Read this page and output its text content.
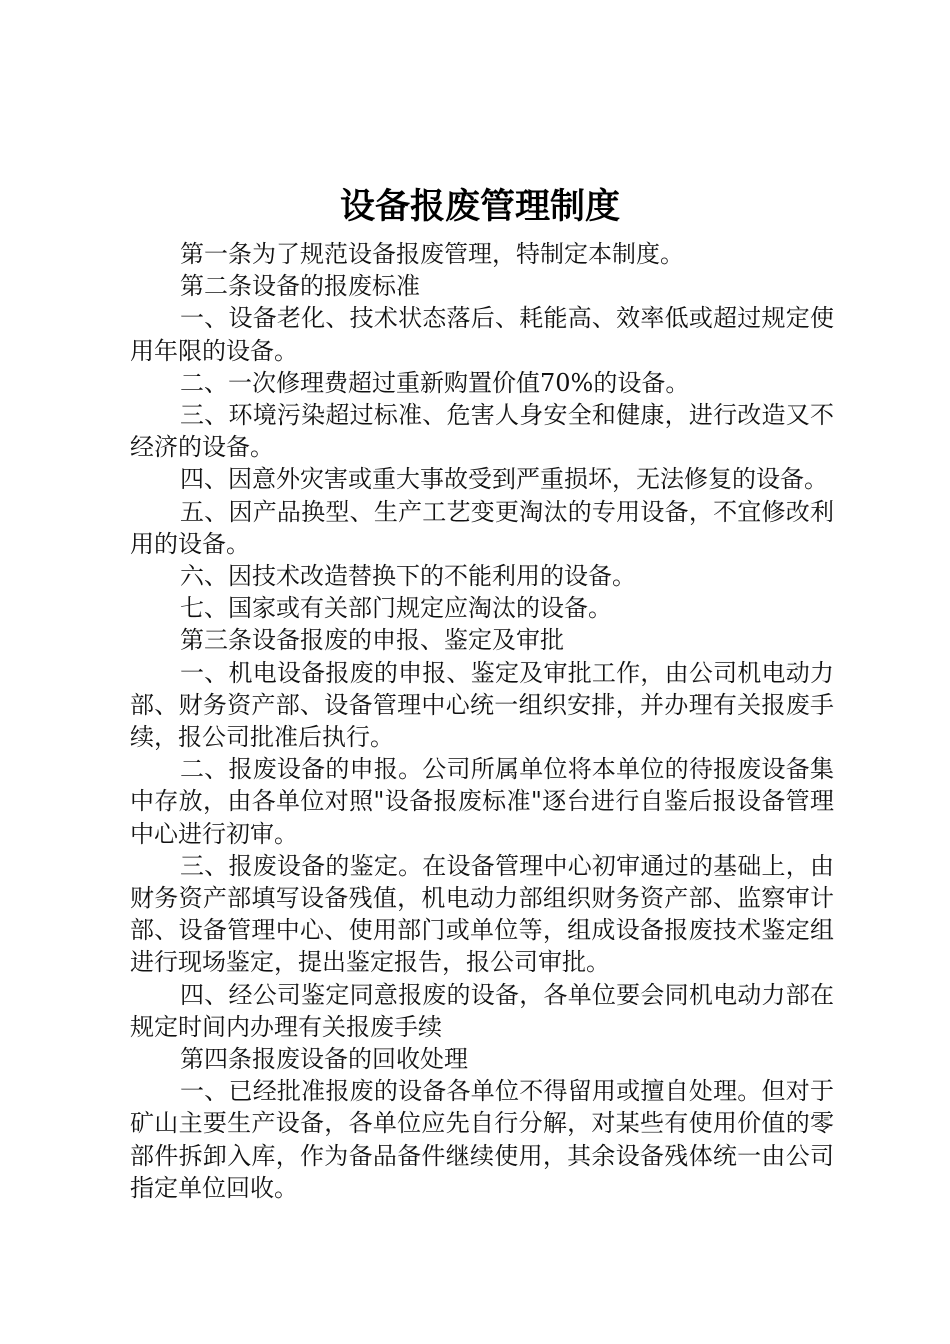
设备报废管理制度

第一条为了规范设备报废管理，特制定本制度。

第二条设备的报废标准

一、设备老化、技术状态落后、耗能高、效率低或超过规定使用年限的设备。

二、一次修理费超过重新购置价值70%的设备。

三、环境污染超过标准、危害人身安全和健康，进行改造又不经济的设备。

四、因意外灾害或重大事故受到严重损坏，无法修复的设备。

五、因产品换型、生产工艺变更淘汰的专用设备，不宜修改利用的设备。

六、因技术改造替换下的不能利用的设备。

七、国家或有关部门规定应淘汰的设备。

第三条设备报废的申报、鉴定及审批

一、机电设备报废的申报、鉴定及审批工作，由公司机电动力部、财务资产部、设备管理中心统一组织安排，并办理有关报废手续，报公司批准后执行。

二、报废设备的申报。公司所属单位将本单位的待报废设备集中存放，由各单位对照"设备报废标准"逐台进行自鉴后报设备管理中心进行初审。

三、报废设备的鉴定。在设备管理中心初审通过的基础上，由财务资产部填写设备残值，机电动力部组织财务资产部、监察审计部、设备管理中心、使用部门或单位等，组成设备报废技术鉴定组进行现场鉴定，提出鉴定报告，报公司审批。

四、经公司鉴定同意报废的设备，各单位要会同机电动力部在规定时间内办理有关报废手续

第四条报废设备的回收处理

一、已经批准报废的设备各单位不得留用或擅自处理。但对于矿山主要生产设备，各单位应先自行分解，对某些有使用价值的零部件拆卸入库，作为备品备件继续使用，其余设备残体统一由公司指定单位回收。
